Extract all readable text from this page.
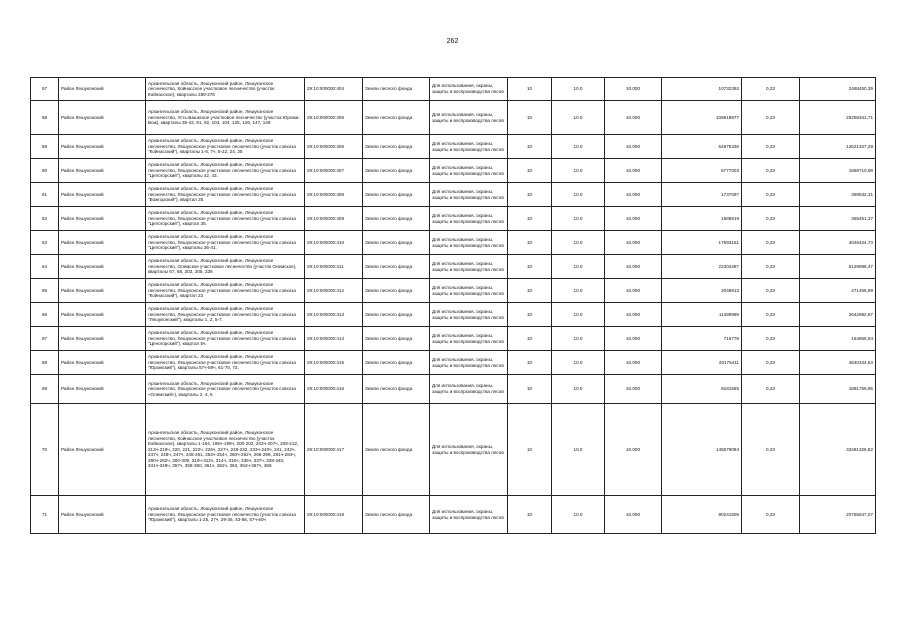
262
57	Район Лешуконский	Архангельская область, Лешуконский район, Лешуконское лесничество, Койнасское участковое лесничество (участок Койнасское), кварталы 289-276	29:10:000000:404	Земли лесного фонда	Для использования, охраны, защиты и воспроизводства лесов	10	10.0	10.000	10732393	0,23	2468450,39
58	Район Лешуконский	Архангельская область, Лешуконский район, Лешуконское лесничество, Усть-Вашкское участковое лесничество (участок Юрома-Вож), кварталы 39-42, 91, 92, 103, 104, 125, 126, 147, 148	29:10:000000:405	Земли лесного фонда	Для использования, охраны, защиты и воспроизводства лесов	10	10.0	10.000	109818877	0,23	25258341,71
59	Район Лешуконский	Архангельская область, Лешуконский район, Лешуконское лесничество, Лешуконское участковое лесничество (участок совхоза "Койнасский"), кварталы 1-6, 7ч, 8-22, 24, 25	29:10:000000:406	Земли лесного фонда	Для использования, охраны, защиты и воспроизводства лесов	10	10.0	10.000	54875336	0,23	12621327,28
60	Район Лешуконский	Архангельская область, Лешуконский район, Лешуконское лесничество, Лешуконское участковое лесничество (участок совхоза "Целогорский"), кварталы 42, 43.	29:10:000000:407	Земли лесного фонда	Для использования, охраны, защиты и воспроизводства лесов	10	10.0	10.000	6777003	0,23	1558710,69
61	Район Лешуконский	Архангельская область, Лешуконский район, Лешуконское лесничество, Лешуконское участковое лесничество (участок совхоза "Вожгорский"), квартал 25.	29:10:000000:408	Земли лесного фонда	Для использования, охраны, защиты и воспроизводства лесов	10	10.0	10.000	1737097	0,23	399532,31
62	Район Лешуконский	Архангельская область, Лешуконский район, Лешуконское лесничество, Лешуконское участковое лесничество (участок совхоза "Целогорский"), квартал 35.	29:10:000000:409	Земли лесного фонда	Для использования, охраны, защиты и воспроизводства лесов	10	10.0	10.000	1588919	0,23	365451,37
63	Район Лешуконский	Архангельская область, Лешуконский район, Лешуконское лесничество, Лешуконское участковое лесничество (участок совхоза "Целогорский"), кварталы 36-41.	29:10:000000:410	Земли лесного фонда	Для использования, охраны, защиты и воспроизводства лесов	10	10.0	10.000	17593151	0,23	4046424,73
64	Район Лешуконский	Архангельская область, Лешуконский район, Лешуконское лесничество, Олемское участковое лесничество (участок Олемское), кварталы 67, 68, 203, 205, 336	29:10:000000:411	Земли лесного фонда	Для использования, охраны, защиты и воспроизводства лесов	10	10.0	10.000	22304287	0,23	5129986,47
65	Район Лешуконский	Архангельская область, Лешуконский район, Лешуконское лесничество, Лешуконское участковое лесничество (участок совхоза "Койнасский"), квартал 23	29:10:000000:412	Земли лесного фонда	Для использования, охраны, защиты и воспроизводства лесов	10	10.0	10.000	2049813	0,23	471456,99
66	Район Лешуконский	Архангельская область, Лешуконский район, Лешуконское лесничество, Лешуконское участковое лесничество (участок совхоза "Лешуконский"), кварталы 1, 2, 5-7.	29:10:000000:413	Земли лесного фонда	Для использования, охраны, защиты и воспроизводства лесов	10	10.0	10.000	11489969	0,23	2642692,87
67	Район Лешуконский	Архангельская область, Лешуконский район, Лешуконское лесничество, Лешуконское участковое лесничество (участок совхоза "Ценогорский"), квартал 5ч.	29:10:000000:414	Земли лесного фонда	Для использования, охраны, защиты и воспроизводства лесов	10	10.0	10.000	716778	0,23	164858,94
68	Район Лешуконский	Архангельская область, Лешуконский район, Лешуконское лесничество, Лешуконское участковое лесничество (участок совхоза "Юромский"), кварталы 57ч-59ч, 61-70, 73.	29:10:000000:415	Земли лесного фонда	Для использования, охраны, защиты и воспроизводства лесов	10	10.0	10.000	20175411	0,23	4640344,53
69	Район Лешуконский	Архангельская область, Лешуконский район, Лешуконское лесничество, Лешуконское участковое лесничество (участок совхоза «Олемский»), кварталы 2, 4, 5	29:10:000000:416	Земли лесного фонда	Для использования, охраны, защиты и воспроизводства лесов	10	10.0	10.000	8181565	0,23	1881759,95
70	Район Лешуконский	Архангельская область, Лешуконский район, Лешуконское лесничество, Койнасское участковое лесничество (участок Койнасское), кварталы 1-194, 195ч-199ч, 200-202, 203ч-207ч, 208-212, 213ч-219ч, 220, 221, 222ч, 226ч, 227ч, 228-232, 233ч-240ч, 241, 242ч, 247ч, 248ч, 247ч, 248-251, 252ч-254ч, 260ч-262ч, 266-299, 281ч-284ч, 290ч-292ч, 300-309, 310ч-312ч, 314ч, 316ч, 335ч, 337ч, 338-340, 341ч-348ч, 357ч, 358-360, 361ч, 362ч, 363, 364ч-367ч, 368	29:10:000000:417	Земли лесного фонда	Для использования, охраны, защиты и воспроизводства лесов	10	10.0	10.000	145579084	0,23	33481326,82
71	Район Лешуконский	Архангельская область, Лешуконский район, Лешуконское лесничество, Лешуконское участковое лесничество (участок совхоза "Юромский"), кварталы 1-25, 27ч, 29-36, 43-56, 57ч-60ч	29:10:000000:418	Земли лесного фонда	Для использования, охраны, защиты и воспроизводства лесов	10	10.0	10.000	90241509	0,23	20755547,07
